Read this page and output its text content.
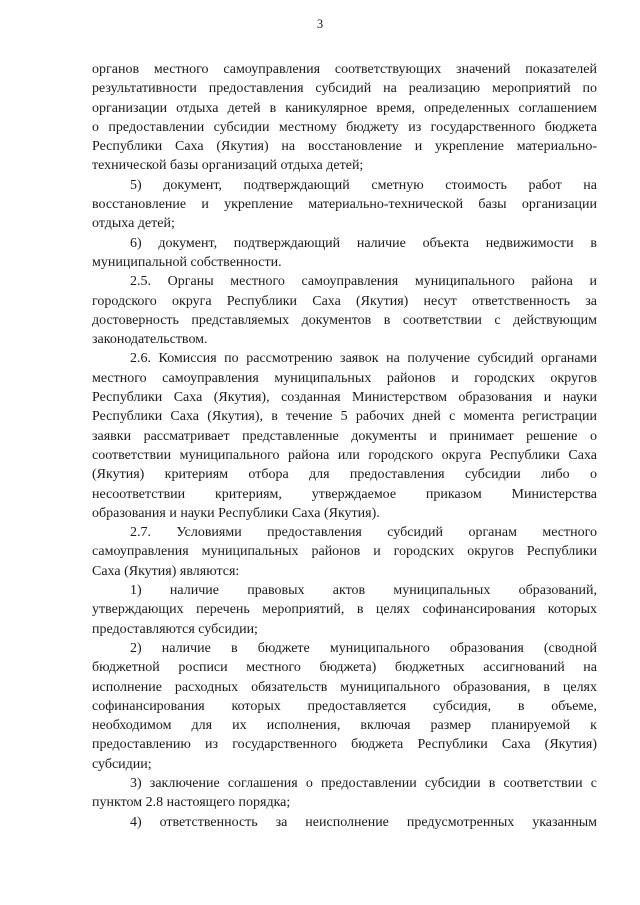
3
органов местного самоуправления соответствующих значений показателей
результативности предоставления субсидий на реализацию мероприятий по
организации отдыха детей в каникулярное время, определенных соглашением
о предоставлении субсидии местному бюджету из государственного бюджета
Республики Саха (Якутия) на восстановление и укрепление материально-
технической базы организаций отдыха детей;
5) документ, подтверждающий сметную стоимость работ на
восстановление и укрепление материально-технической базы организации
отдыха детей;
6) документ, подтверждающий наличие объекта недвижимости в
муниципальной собственности.
2.5. Органы местного самоуправления муниципального района и
городского округа Республики Саха (Якутия) несут ответственность за
достоверность представляемых документов в соответствии с действующим
законодательством.
2.6. Комиссия по рассмотрению заявок на получение субсидий органами
местного самоуправления муниципальных районов и городских округов
Республики Саха (Якутия), созданная Министерством образования и науки
Республики Саха (Якутия), в течение 5 рабочих дней с момента регистрации
заявки рассматривает представленные документы и принимает решение о
соответствии муниципального района или городского округа Республики Саха
(Якутия) критериям отбора для предоставления субсидии либо о
несоответствии критериям, утверждаемое приказом Министерства
образования и науки Республики Саха (Якутия).
2.7. Условиями предоставления субсидий органам местного
самоуправления муниципальных районов и городских округов Республики
Саха (Якутия) являются:
1) наличие правовых актов муниципальных образований,
утверждающих перечень мероприятий, в целях софинансирования которых
предоставляются субсидии;
2) наличие в бюджете муниципального образования (сводной
бюджетной росписи местного бюджета) бюджетных ассигнований на
исполнение расходных обязательств муниципального образования, в целях
софинансирования которых предоставляется субсидия, в объеме,
необходимом для их исполнения, включая размер планируемой к
предоставлению из государственного бюджета Республики Саха (Якутия)
субсидии;
3) заключение соглашения о предоставлении субсидии в соответствии с
пунктом 2.8 настоящего порядка;
4) ответственность за неисполнение предусмотренных указанным
